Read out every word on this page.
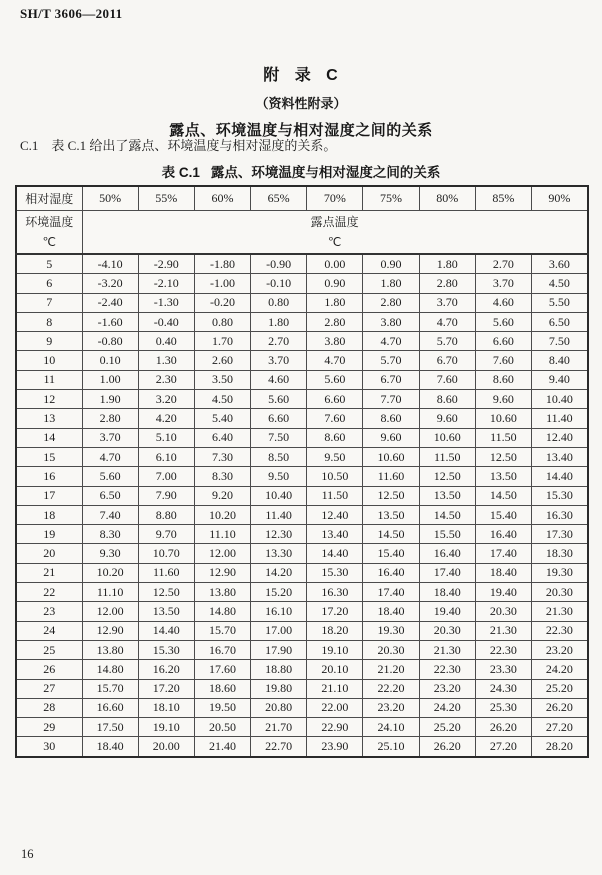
SH/T 3606—2011
附 录 C
（资料性附录）
露点、环境温度与相对湿度之间的关系

C.1 表 C.1 给出了露点、环境温度与相对湿度的关系。

表 C.1 露点、环境温度与相对湿度之间的关系
相对湿度	50%	55%	60%	65%	70%	75%	80%	85%	90%

环境温度
℃

露点温度
℃

5	-4.10	-2.90	-1.80	-0.90	0.00	0.90	1.80	2.70	3.60
6	-3.20	-2.10	-1.00	-0.10	0.90	1.80	2.80	3.70	4.50
7	-2.40	-1.30	-0.20	0.80	1.80	2.80	3.70	4.60	5.50
8	-1.60	-0.40	0.80	1.80	2.80	3.80	4.70	5.60	6.50
9	-0.80	0.40	1.70	2.70	3.80	4.70	5.70	6.60	7.50
10	0.10	1.30	2.60	3.70	4.70	5.70	6.70	7.60	8.40
11	1.00	2.30	3.50	4.60	5.60	6.70	7.60	8.60	9.40
12	1.90	3.20	4.50	5.60	6.60	7.70	8.60	9.60	10.40
13	2.80	4.20	5.40	6.60	7.60	8.60	9.60	10.60	11.40
14	3.70	5.10	6.40	7.50	8.60	9.60	10.60	11.50	12.40
15	4.70	6.10	7.30	8.50	9.50	10.60	11.50	12.50	13.40
16	5.60	7.00	8.30	9.50	10.50	11.60	12.50	13.50	14.40
17	6.50	7.90	9.20	10.40	11.50	12.50	13.50	14.50	15.30
18	7.40	8.80	10.20	11.40	12.40	13.50	14.50	15.40	16.30
19	8.30	9.70	11.10	12.30	13.40	14.50	15.50	16.40	17.30
20	9.30	10.70	12.00	13.30	14.40	15.40	16.40	17.40	18.30
21	10.20	11.60	12.90	14.20	15.30	16.40	17.40	18.40	19.30
22	11.10	12.50	13.80	15.20	16.30	17.40	18.40	19.40	20.30
23	12.00	13.50	14.80	16.10	17.20	18.40	19.40	20.30	21.30
24	12.90	14.40	15.70	17.00	18.20	19.30	20.30	21.30	22.30
25	13.80	15.30	16.70	17.90	19.10	20.30	21.30	22.30	23.20
26	14.80	16.20	17.60	18.80	20.10	21.20	22.30	23.30	24.20
27	15.70	17.20	18.60	19.80	21.10	22.20	23.20	24.30	25.20
28	16.60	18.10	19.50	20.80	22.00	23.20	24.20	25.30	26.20
29	17.50	19.10	20.50	21.70	22.90	24.10	25.20	26.20	27.20
30	18.40	20.00	21.40	22.70	23.90	25.10	26.20	27.20	28.20
16
